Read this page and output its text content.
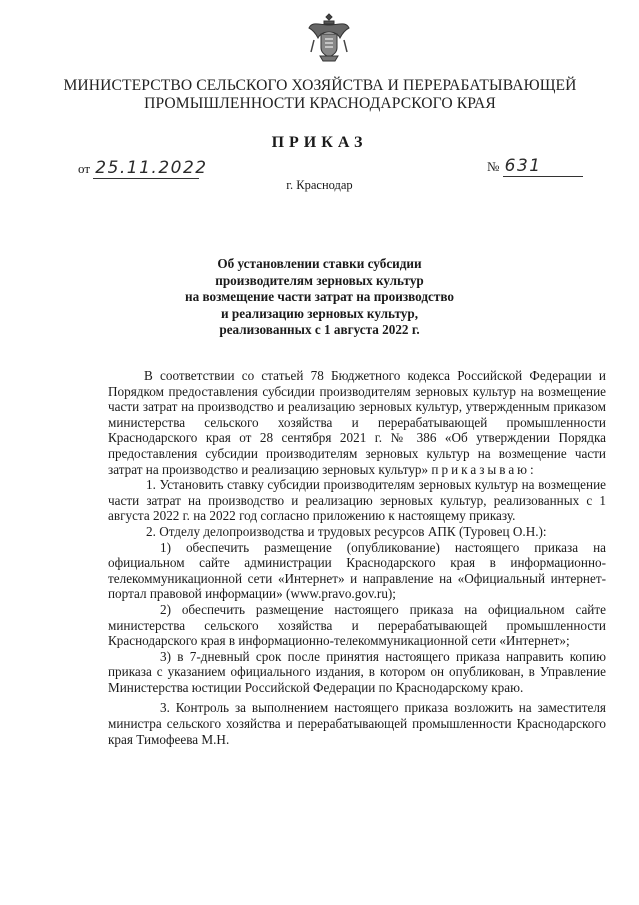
МИНИСТЕРСТВО СЕЛЬСКОГО ХОЗЯЙСТВА И ПЕРЕРАБАТЫВАЮЩЕЙ
ПРОМЫШЛЕННОСТИ КРАСНОДАРСКОГО КРАЯ
ПРИКАЗ
от 25.11.2022	№ 631
г. Краснодар
Об установлении ставки субсидии
производителям зерновых культур
на возмещение части затрат на производство
и реализацию зерновых культур,
реализованных с 1 августа 2022 г.

В соответствии со статьей 78 Бюджетного кодекса Российской Федерации и Порядком предоставления субсидии производителям зерновых культур на возмещение части затрат на производство и реализацию зерновых культур, утвержденным приказом министерства сельского хозяйства и перерабатывающей промышленности Краснодарского края от 28 сентября 2021 г. № 386 «Об утверждении Порядка предоставления субсидии производителям зерновых культур на возмещение части затрат на производство и реализацию зерновых культур» приказываю:

1. Установить ставку субсидии производителям зерновых культур на возмещение части затрат на производство и реализацию зерновых культур, реализованных с 1 августа 2022 г. на 2022 год согласно приложению к настоящему приказу.

2. Отделу делопроизводства и трудовых ресурсов АПК (Туровец О.Н.):

1) обеспечить размещение (опубликование) настоящего приказа на официальном сайте администрации Краснодарского края в информационно-телекоммуникационной сети «Интернет» и направление на «Официальный интернет-портал правовой информации» (www.pravo.gov.ru);

2) обеспечить размещение настоящего приказа на официальном сайте министерства сельского хозяйства и перерабатывающей промышленности Краснодарского края в информационно-телекоммуникационной сети «Интернет»;

3) в 7-дневный срок после принятия настоящего приказа направить копию приказа с указанием официального издания, в котором он опубликован, в Управление Министерства юстиции Российской Федерации по Краснодарскому краю.

3. Контроль за выполнением настоящего приказа возложить на заместителя министра сельского хозяйства и перерабатывающей промышленности Краснодарского края Тимофеева М.Н.
